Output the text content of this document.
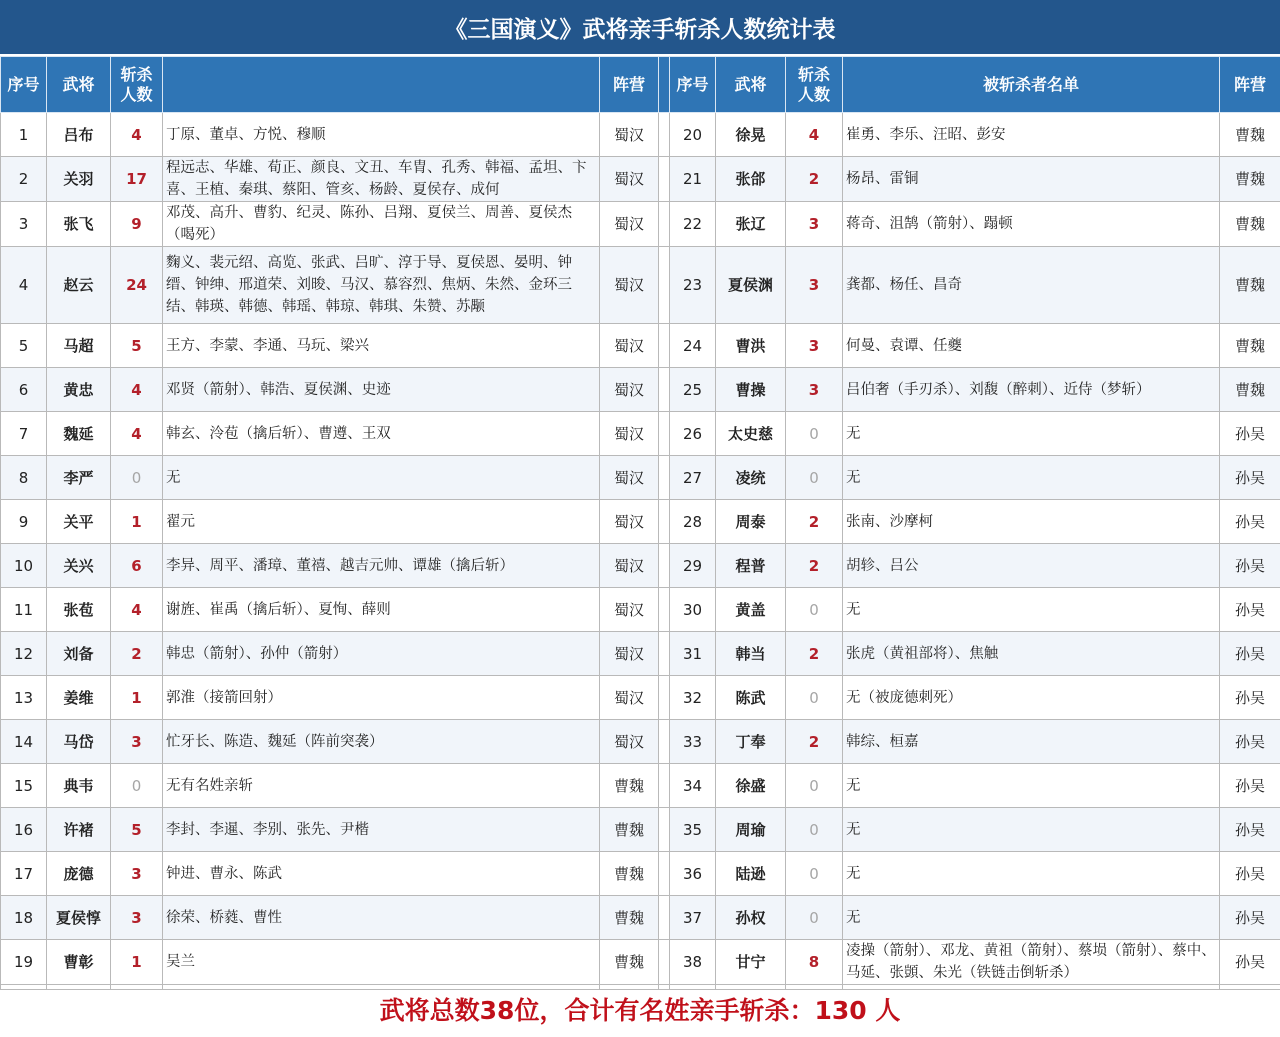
《三国演义》武将亲手斩杀人数统计表
序号	武将	斩杀人数		阵营		序号	武将	斩杀人数	被斩杀者名单	阵营
1	吕布	4	丁原、董卓、方悦、穆顺	蜀汉		20	徐晃	4	崔勇、李乐、汪昭、彭安	曹魏
2	关羽	17	程远志、华雄、荀正、颜良、文丑、车胄、孔秀、韩福、孟坦、卞喜、王植、秦琪、蔡阳、管亥、杨龄、夏侯存、成何	蜀汉		21	张郃	2	杨昂、雷铜	曹魏
3	张飞	9	邓茂、高升、曹豹、纪灵、陈孙、吕翔、夏侯兰、周善、夏侯杰（喝死）	蜀汉		22	张辽	3	蒋奇、沮鹄（箭射）、蹋顿	曹魏
4	赵云	24	麴义、裴元绍、高览、张武、吕旷、淳于导、夏侯恩、晏明、钟缙、钟绅、邢道荣、刘晙、马汉、慕容烈、焦炳、朱然、金环三结、韩瑛、韩德、韩瑶、韩琼、韩琪、朱赞、苏颙	蜀汉		23	夏侯渊	3	龚都、杨任、昌奇	曹魏
5	马超	5	王方、李蒙、李通、马玩、梁兴	蜀汉		24	曹洪	3	何曼、袁谭、任夔	曹魏
6	黄忠	4	邓贤（箭射）、韩浩、夏侯渊、史迹	蜀汉		25	曹操	3	吕伯奢（手刃杀）、刘馥（醉刺）、近侍（梦斩）	曹魏
7	魏延	4	韩玄、泠苞（擒后斩）、曹遵、王双	蜀汉		26	太史慈	0	无	孙吴
8	李严	0	无	蜀汉		27	凌统	0	无	孙吴
9	关平	1	翟元	蜀汉		28	周泰	2	张南、沙摩柯	孙吴
10	关兴	6	李异、周平、潘璋、董禧、越吉元帅、谭雄（擒后斩）	蜀汉		29	程普	2	胡轸、吕公	孙吴
11	张苞	4	谢旌、崔禹（擒后斩）、夏恂、薛则	蜀汉		30	黄盖	0	无	孙吴
12	刘备	2	韩忠（箭射）、孙仲（箭射）	蜀汉		31	韩当	2	张虎（黄祖部将）、焦触	孙吴
13	姜维	1	郭淮（接箭回射）	蜀汉		32	陈武	0	无（被庞德刺死）	孙吴
14	马岱	3	忙牙长、陈造、魏延（阵前突袭）	蜀汉		33	丁奉	2	韩综、桓嘉	孙吴
15	典韦	0	无有名姓亲斩	曹魏		34	徐盛	0	无	孙吴
16	许褚	5	李封、李暹、李别、张先、尹楷	曹魏		35	周瑜	0	无	孙吴
17	庞德	3	钟进、曹永、陈武	曹魏		36	陆逊	0	无	孙吴
18	夏侯惇	3	徐荣、桥蕤、曹性	曹魏		37	孙权	0	无	孙吴
19	曹彰	1	吴兰	曹魏		38	甘宁	8	凌操（箭射）、邓龙、黄祖（箭射）、蔡埙（箭射）、蔡中、马延、张顗、朱光（铁链击倒斩杀）	孙吴

武将总数38位，合计有名姓亲手斩杀：130 人
